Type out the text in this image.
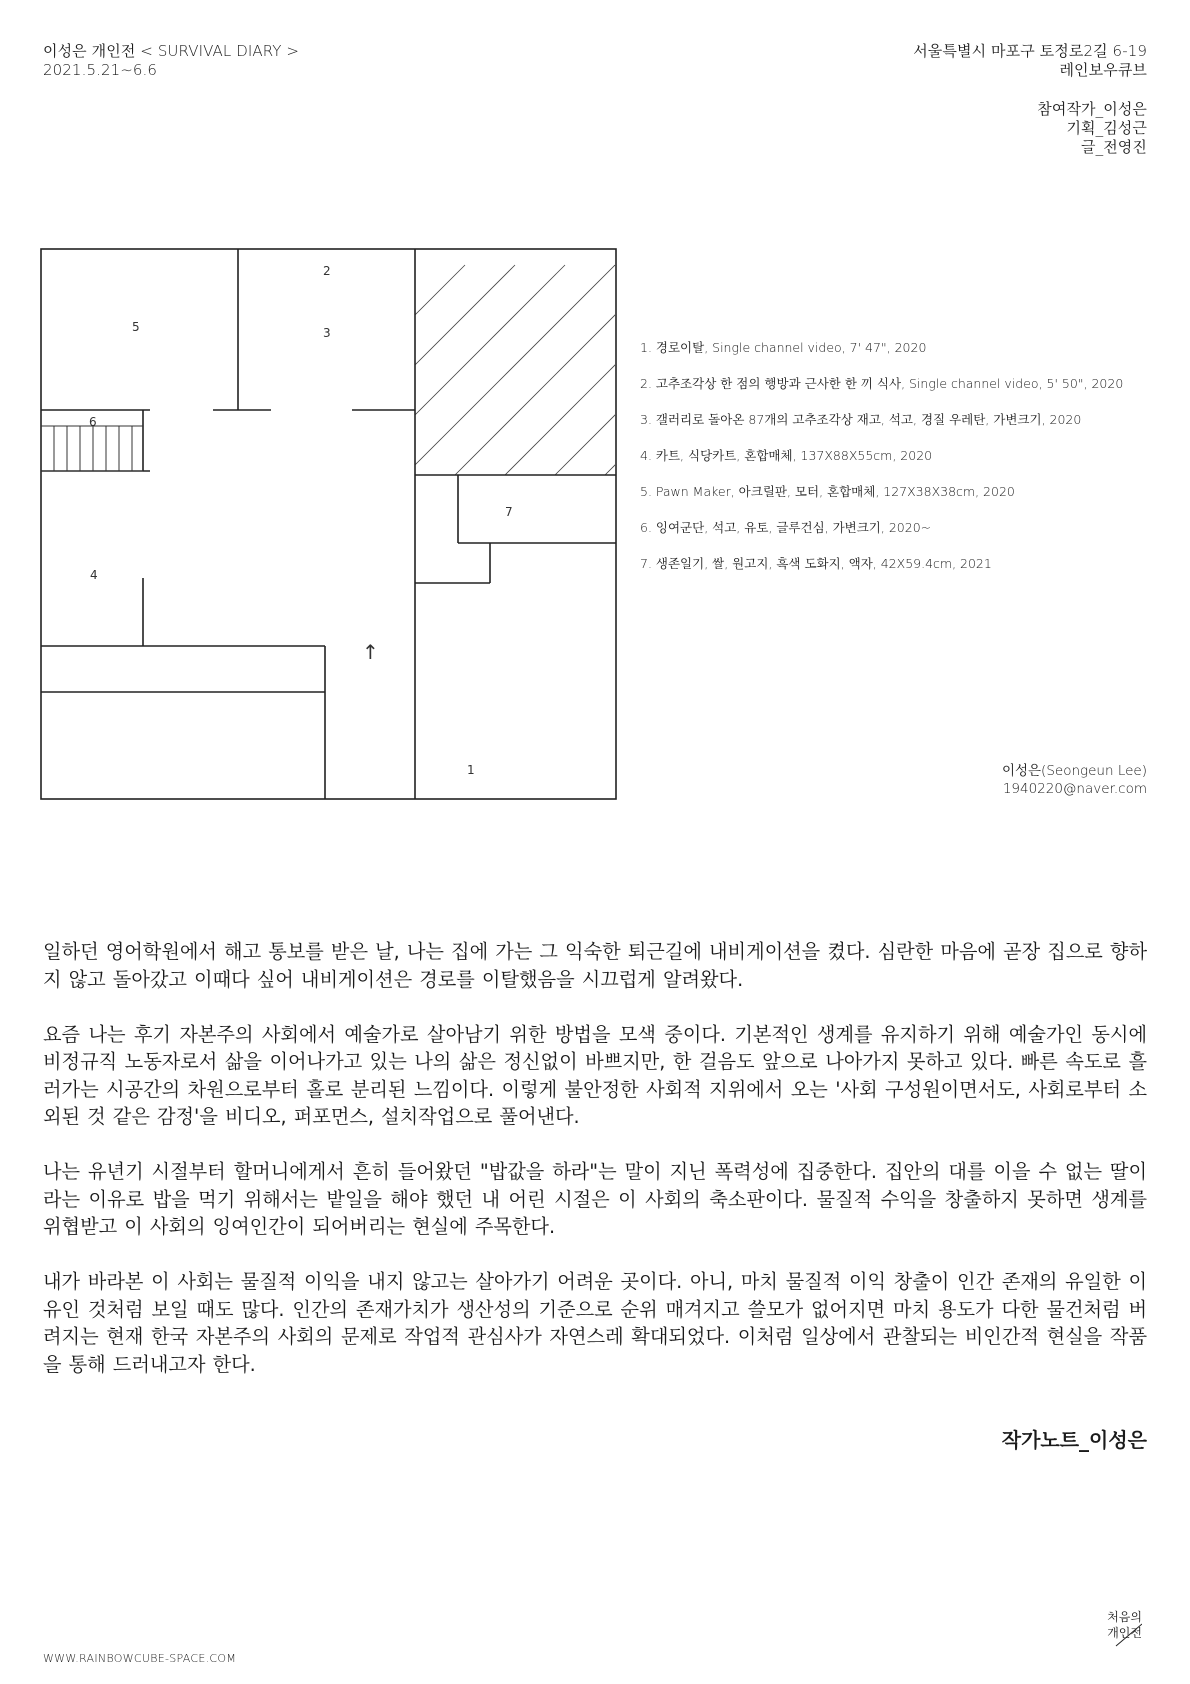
이성은 개인전 < SURVIVAL DIARY >
2021.5.21~6.6
서울특별시 마포구 토정로2길 6-19
레인보우큐브
참여작가_이성은
기획_김성근
글_전영진
1
2
3
4
5
6
7
↑
1. 경로이탈, Single channel video, 7' 47", 2020
2. 고추조각상 한 점의 행방과 근사한 한 끼 식사, Single channel video, 5' 50", 2020
3. 갤러리로 돌아온 87개의 고추조각상 재고, 석고, 경질 우레탄, 가변크기, 2020
4. 카트, 식당카트, 혼합매체, 137X88X55cm, 2020
5. Pawn Maker, 아크릴판, 모터, 혼합매체, 127X38X38cm, 2020
6. 잉여군단, 석고, 유토, 글루건심, 가변크기, 2020~
7. 생존일기, 쌀, 원고지, 흑색 도화지, 액자, 42X59.4cm, 2021
이성은(Seongeun Lee)
1940220@naver.com

일하던 영어학원에서 해고 통보를 받은 날, 나는 집에 가는 그 익숙한 퇴근길에 내비게이션을 켰다. 심란한 마음에 곧장 집으로 향하지 않고 돌아갔고 이때다 싶어 내비게이션은 경로를 이탈했음을 시끄럽게 알려왔다.

요즘 나는 후기 자본주의 사회에서 예술가로 살아남기 위한 방법을 모색 중이다. 기본적인 생계를 유지하기 위해 예술가인 동시에 비정규직 노동자로서 삶을 이어나가고 있는 나의 삶은 정신없이 바쁘지만, 한 걸음도 앞으로 나아가지 못하고 있다. 빠른 속도로 흘러가는 시공간의 차원으로부터 홀로 분리된 느낌이다. 이렇게 불안정한 사회적 지위에서 오는 '사회 구성원이면서도, 사회로부터 소외된 것 같은 감정'을 비디오, 퍼포먼스, 설치작업으로 풀어낸다.

나는 유년기 시절부터 할머니에게서 흔히 들어왔던 "밥값을 하라"는 말이 지닌 폭력성에 집중한다. 집안의 대를 이을 수 없는 딸이라는 이유로 밥을 먹기 위해서는 밭일을 해야 했던 내 어린 시절은 이 사회의 축소판이다. 물질적 수익을 창출하지 못하면 생계를 위협받고 이 사회의 잉여인간이 되어버리는 현실에 주목한다.

내가 바라본 이 사회는 물질적 이익을 내지 않고는 살아가기 어려운 곳이다. 아니, 마치 물질적 이익 창출이 인간 존재의 유일한 이유인 것처럼 보일 때도 많다. 인간의 존재가치가 생산성의 기준으로 순위 매겨지고 쓸모가 없어지면 마치 용도가 다한 물건처럼 버려지는 현재 한국 자본주의 사회의 문제로 작업적 관심사가 자연스레 확대되었다. 이처럼 일상에서 관찰되는 비인간적 현실을 작품을 통해 드러내고자 한다.

작가노트_이성은
WWW.RAINBOWCUBE-SPACE.COM
처음의
개인전
